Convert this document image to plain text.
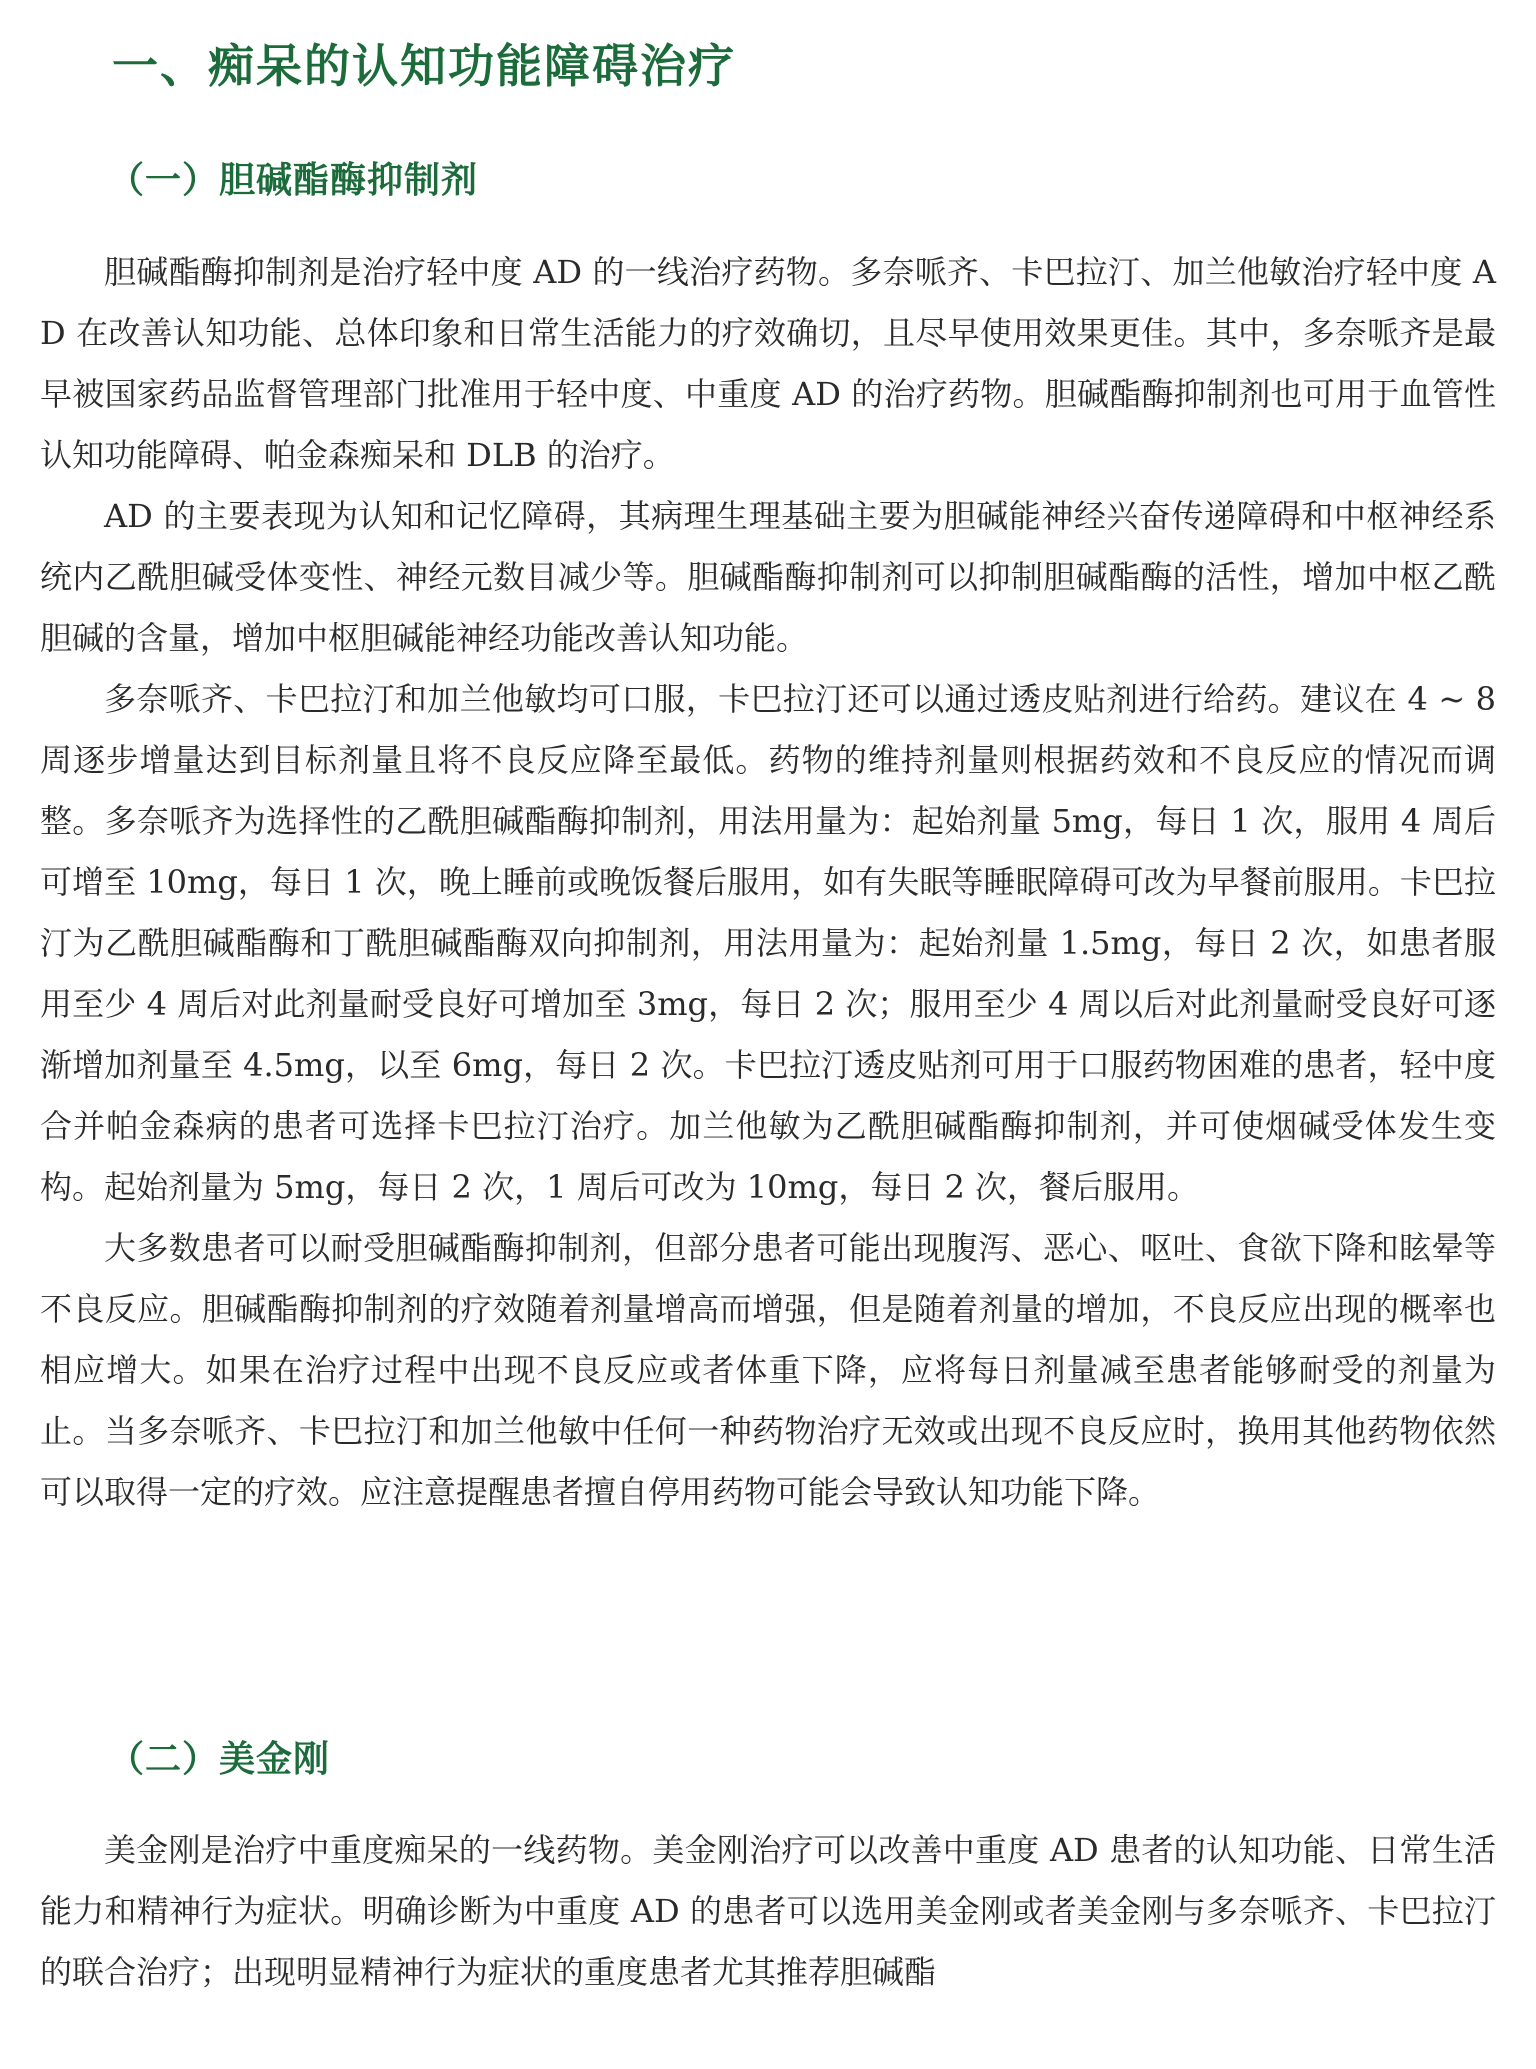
一、痴呆的认知功能障碍治疗
（一）胆碱酯酶抑制剂

胆碱酯酶抑制剂是治疗轻中度 AD 的一线治疗药物。多奈哌齐、卡巴拉汀、加兰他敏治疗轻中度 AD 在改善认知功能、总体印象和日常生活能力的疗效确切，且尽早使用效果更佳。其中，多奈哌齐是最早被国家药品监督管理部门批准用于轻中度、中重度 AD 的治疗药物。胆碱酯酶抑制剂也可用于血管性认知功能障碍、帕金森痴呆和 DLB 的治疗。

AD 的主要表现为认知和记忆障碍，其病理生理基础主要为胆碱能神经兴奋传递障碍和中枢神经系统内乙酰胆碱受体变性、神经元数目减少等。胆碱酯酶抑制剂可以抑制胆碱酯酶的活性，增加中枢乙酰胆碱的含量，增加中枢胆碱能神经功能改善认知功能。

多奈哌齐、卡巴拉汀和加兰他敏均可口服，卡巴拉汀还可以通过透皮贴剂进行给药。建议在 4 ~ 8 周逐步增量达到目标剂量且将不良反应降至最低。药物的维持剂量则根据药效和不良反应的情况而调整。多奈哌齐为选择性的乙酰胆碱酯酶抑制剂，用法用量为：起始剂量 5mg，每日 1 次，服用 4 周后可增至 10mg，每日 1 次，晚上睡前或晚饭餐后服用，如有失眠等睡眠障碍可改为早餐前服用。卡巴拉汀为乙酰胆碱酯酶和丁酰胆碱酯酶双向抑制剂，用法用量为：起始剂量 1.5mg，每日 2 次，如患者服用至少 4 周后对此剂量耐受良好可增加至 3mg，每日 2 次；服用至少 4 周以后对此剂量耐受良好可逐渐增加剂量至 4.5mg，以至 6mg，每日 2 次。卡巴拉汀透皮贴剂可用于口服药物困难的患者，轻中度合并帕金森病的患者可选择卡巴拉汀治疗。加兰他敏为乙酰胆碱酯酶抑制剂，并可使烟碱受体发生变构。起始剂量为 5mg，每日 2 次，1 周后可改为 10mg，每日 2 次，餐后服用。

大多数患者可以耐受胆碱酯酶抑制剂，但部分患者可能出现腹泻、恶心、呕吐、食欲下降和眩晕等不良反应。胆碱酯酶抑制剂的疗效随着剂量增高而增强，但是随着剂量的增加，不良反应出现的概率也相应增大。如果在治疗过程中出现不良反应或者体重下降，应将每日剂量减至患者能够耐受的剂量为止。当多奈哌齐、卡巴拉汀和加兰他敏中任何一种药物治疗无效或出现不良反应时，换用其他药物依然可以取得一定的疗效。应注意提醒患者擅自停用药物可能会导致认知功能下降。

（二）美金刚

美金刚是治疗中重度痴呆的一线药物。美金刚治疗可以改善中重度 AD 患者的认知功能、日常生活能力和精神行为症状。明确诊断为中重度 AD 的患者可以选用美金刚或者美金刚与多奈哌齐、卡巴拉汀的联合治疗；出现明显精神行为症状的重度患者尤其推荐胆碱酯
